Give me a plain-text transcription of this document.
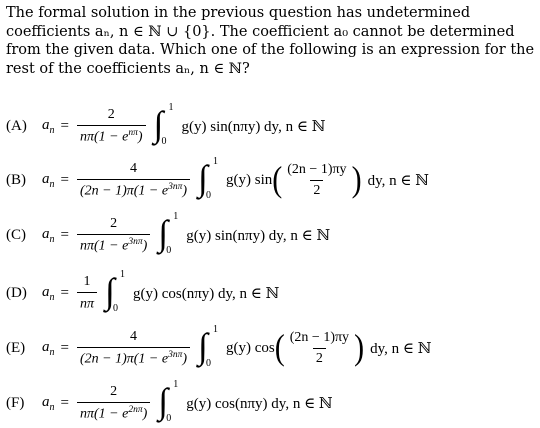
The formal solution in the previous question has undetermined coefficients aₙ, n ∈ ℕ ∪ {0}. The coefficient a₀ cannot be determined from the given data. Which one of the following is an expression for the rest of the coefficients aₙ, n ∈ ℕ?
(A)	$a_n = \frac{2}{n\pi(1 - e^{n\pi})}$ ∫ 1
0
g(y) sin(nπy) dy, n ∈ ℕ
(B)	$a_n = \frac{4}{(2n - 1)\pi(1 - e^{3n\pi})}$ ∫ 1
0
g(y) sin ( $\frac{(2n - 1)\pi y}{2}$ ) dy, n ∈ ℕ
(C)	$a_n = \frac{2}{n\pi(1 - e^{3n\pi})}$ ∫ 1
0
g(y) sin(nπy) dy, n ∈ ℕ
(D)	$a_n = \frac{1}{n\pi}$ ∫ 1
0
g(y) cos(nπy) dy, n ∈ ℕ
(E)	$a_n = \frac{4}{(2n - 1)\pi(1 - e^{3n\pi})}$ ∫ 1
0
g(y) cos ( $\frac{(2n - 1)\pi y}{2}$ ) dy, n ∈ ℕ
(F)	$a_n = \frac{2}{n\pi(1 - e^{2n\pi})}$ ∫ 1
0
g(y) cos(nπy) dy, n ∈ ℕ
